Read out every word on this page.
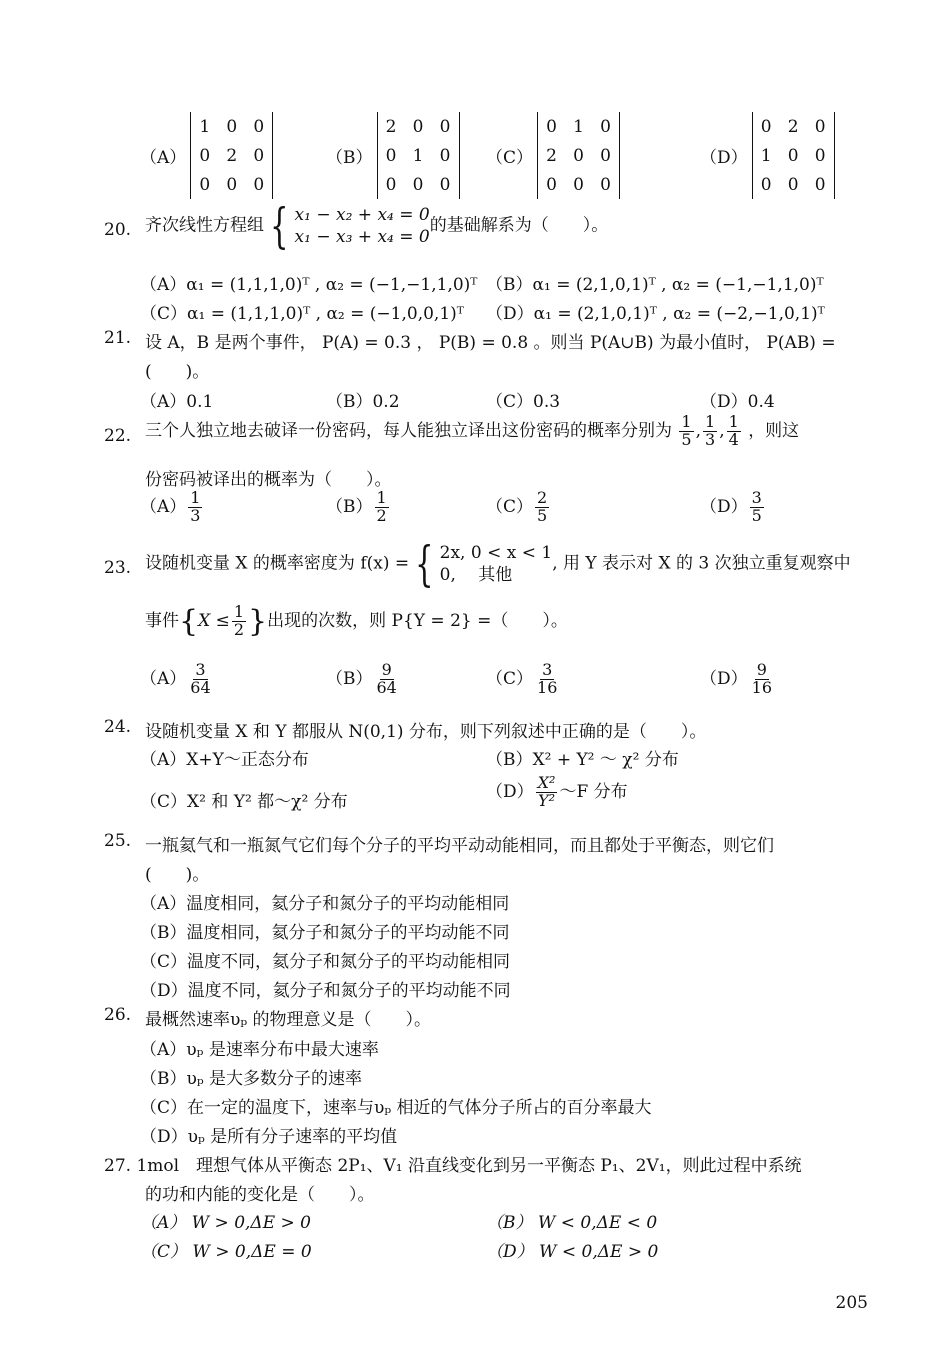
（A）
1	0	0
0	2	0
0	0	0
（B）
2	0	0
0	1	0
0	0	0
（C）
0	1	0
2	0	0
0	0	0
（D）
0	2	0
1	0	0
0	0	0
20. 齐次线性方程组 { x₁ − x₂ + x₄ = 0
x₁ − x₃ + x₄ = 0的基础解系为（　　）。
（A）α₁ = (1,1,1,0)ᵀ , α₂ = (−1,−1,1,0)ᵀ （B）α₁ = (2,1,0,1)ᵀ , α₂ = (−1,−1,1,0)ᵀ
（C）α₁ = (1,1,1,0)ᵀ , α₂ = (−1,0,0,1)ᵀ （D）α₁ = (2,1,0,1)ᵀ , α₂ = (−2,−1,0,1)ᵀ
21. 设 A，B 是两个事件， P(A) = 0.3 ， P(B) = 0.8 。则当 P(A∪B) 为最小值时， P(AB) =
(　　)。
（A）0.1	（B）0.2	（C）0.3	（D）0.4
22. 三个人独立地去破译一份密码，每人能独立译出这份密码的概率分别为 $\frac{1}{5}$ , $\frac{1}{3}$ , $\frac{1}{4}$ ，则这
份密码被译出的概率为（　　）。
$(A) \frac{1}{3}$	$(B) \frac{1}{2}$	$(C) \frac{2}{5}$	$(D) \frac{3}{5}$
23. 设随机变量 X 的概率密度为 f(x) = { 2x, 0 < x < 1
0,　 其他, 用 Y 表示对 X 的 3 次独立重复观察中
事件{$X \le \frac{1}{2}$ }出现的次数，则 P{Y = 2} =（　　）。
$(A) \frac{3}{64}$	$(B) \frac{9}{64}$	$(C) \frac{3}{16}$	$(D) \frac{9}{16}$
24. 设随机变量 X 和 Y 都服从 N(0,1) 分布，则下列叙述中正确的是（　　）。
（A）X+Y～正态分布	（B）X² + Y² ～ χ² 分布
（C）X² 和 Y² 都～χ² 分布
$(D) \frac{\text{X²}}{\text{Y²}}$ ～F 分布
25. 一瓶氦气和一瓶氮气它们每个分子的平均平动动能相同，而且都处于平衡态，则它们
(　　)。
（A）温度相同，氦分子和氮分子的平均动能相同
（B）温度相同，氦分子和氮分子的平均动能不同
（C）温度不同，氦分子和氮分子的平均动能相同
（D）温度不同，氦分子和氮分子的平均动能不同
26. 最概然速率υₚ 的物理意义是（　　）。
（A）υₚ 是速率分布中最大速率
（B）υₚ 是大多数分子的速率
（C）在一定的温度下，速率与υₚ 相近的气体分子所占的百分率最大
（D）υₚ 是所有分子速率的平均值
27. 1mol　理想气体从平衡态 2P₁、V₁ 沿直线变化到另一平衡态 P₁、2V₁，则此过程中系统
的功和内能的变化是（　　）。
（A） W > 0,ΔE > 0	（B） W < 0,ΔE < 0
（C） W > 0,ΔE = 0	（D） W < 0,ΔE > 0
205
